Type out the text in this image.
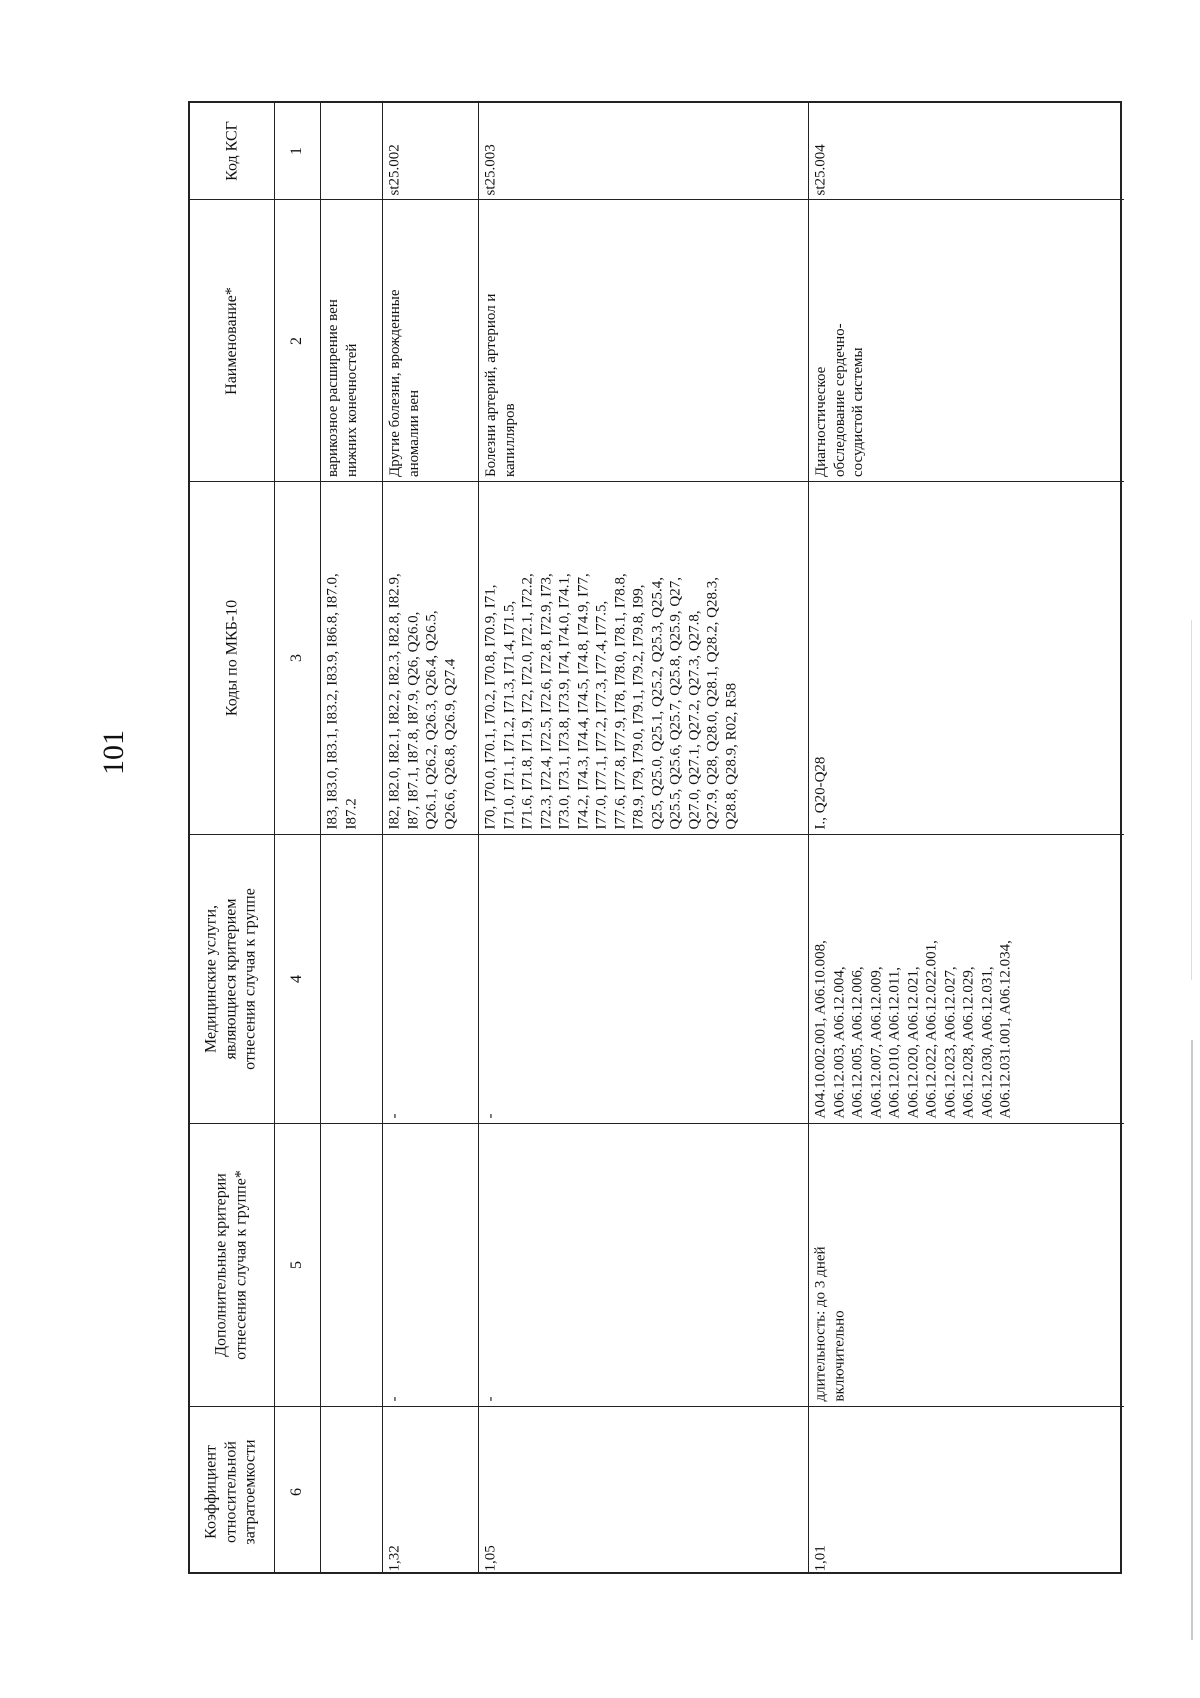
101
Код КСГ
Наименование*
Коды по МКБ-10
Медицинские услуги,
являющиеся критерием
отнесения случая к группе
Дополнительные критерии
отнесения случая к группе*
Коэффициент
относительной
затратоемкости
1
2
3
4
5
6
варикозное расширение вен
нижних конечностей
I83, I83.0, I83.1, I83.2, I83.9, I86.8, I87.0,
I87.2
st25.002
Другие болезни, врожденные
аномалии вен
I82, I82.0, I82.1, I82.2, I82.3, I82.8, I82.9,
I87, I87.1, I87.8, I87.9, Q26, Q26.0,
Q26.1, Q26.2, Q26.3, Q26.4, Q26.5,
Q26.6, Q26.8, Q26.9, Q27.4
-
-
1,32
st25.003
Болезни артерий, артериол и
капилляров
I70, I70.0, I70.1, I70.2, I70.8, I70.9, I71,
I71.0, I71.1, I71.2, I71.3, I71.4, I71.5,
I71.6, I71.8, I71.9, I72, I72.0, I72.1, I72.2,
I72.3, I72.4, I72.5, I72.6, I72.8, I72.9, I73,
I73.0, I73.1, I73.8, I73.9, I74, I74.0, I74.1,
I74.2, I74.3, I74.4, I74.5, I74.8, I74.9, I77,
I77.0, I77.1, I77.2, I77.3, I77.4, I77.5,
I77.6, I77.8, I77.9, I78, I78.0, I78.1, I78.8,
I78.9, I79, I79.0, I79.1, I79.2, I79.8, I99,
Q25, Q25.0, Q25.1, Q25.2, Q25.3, Q25.4,
Q25.5, Q25.6, Q25.7, Q25.8, Q25.9, Q27,
Q27.0, Q27.1, Q27.2, Q27.3, Q27.8,
Q27.9, Q28, Q28.0, Q28.1, Q28.2, Q28.3,
Q28.8, Q28.9, R02, R58
-
-
1,05
st25.004
Диагностическое
обследование сердечно-
сосудистой системы
I., Q20-Q28
A04.10.002.001, A06.10.008,
A06.12.003, A06.12.004,
A06.12.005, A06.12.006,
A06.12.007, A06.12.009,
A06.12.010, A06.12.011,
A06.12.020, A06.12.021,
A06.12.022, A06.12.022.001,
A06.12.023, A06.12.027,
A06.12.028, A06.12.029,
A06.12.030, A06.12.031,
A06.12.031.001, A06.12.034,
длительность: до 3 дней
включительно
1,01
